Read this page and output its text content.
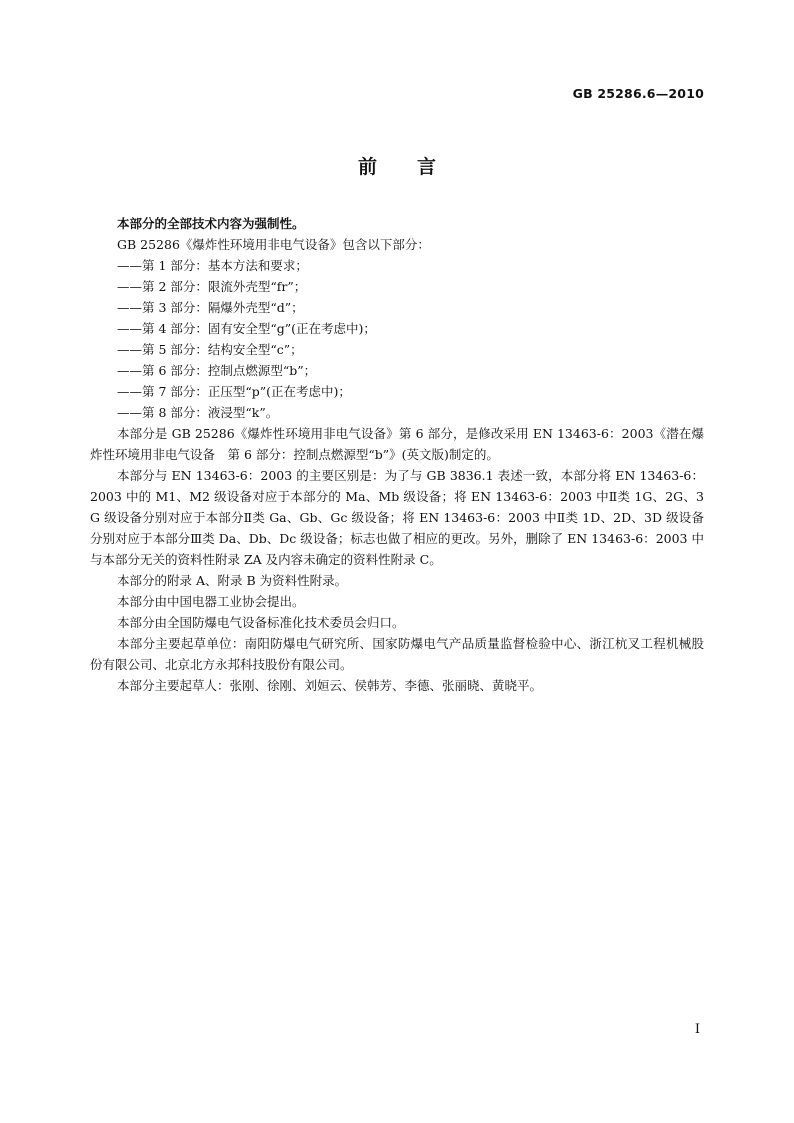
GB 25286.6—2010
前言

本部分的全部技术内容为强制性。

GB 25286《爆炸性环境用非电气设备》包含以下部分：

——第 1 部分：基本方法和要求；

——第 2 部分：限流外壳型“fr”；

——第 3 部分：隔爆外壳型“d”；

——第 4 部分：固有安全型“g”(正在考虑中)；

——第 5 部分：结构安全型“c”；

——第 6 部分：控制点燃源型“b”；

——第 7 部分：正压型“p”(正在考虑中)；

——第 8 部分：液浸型“k”。

本部分是 GB 25286《爆炸性环境用非电气设备》第 6 部分，是修改采用 EN 13463-6：2003《潜在爆炸性环境用非电气设备　第 6 部分：控制点燃源型“b”》(英文版)制定的。

本部分与 EN 13463-6：2003 的主要区别是：为了与 GB 3836.1 表述一致，本部分将 EN 13463-6：2003 中的 M1、M2 级设备对应于本部分的 Ma、Mb 级设备；将 EN 13463-6：2003 中Ⅱ类 1G、2G、3G 级设备分别对应于本部分Ⅱ类 Ga、Gb、Gc 级设备；将 EN 13463-6：2003 中Ⅱ类 1D、2D、3D 级设备分别对应于本部分Ⅲ类 Da、Db、Dc 级设备；标志也做了相应的更改。另外，删除了 EN 13463-6：2003 中与本部分无关的资料性附录 ZA 及内容未确定的资料性附录 C。

本部分的附录 A、附录 B 为资料性附录。

本部分由中国电器工业协会提出。

本部分由全国防爆电气设备标准化技术委员会归口。

本部分主要起草单位：南阳防爆电气研究所、国家防爆电气产品质量监督检验中心、浙江杭叉工程机械股份有限公司、北京北方永邦科技股份有限公司。

本部分主要起草人：张刚、徐刚、刘姮云、侯韩芳、李德、张丽晓、黄晓平。

Ⅰ
